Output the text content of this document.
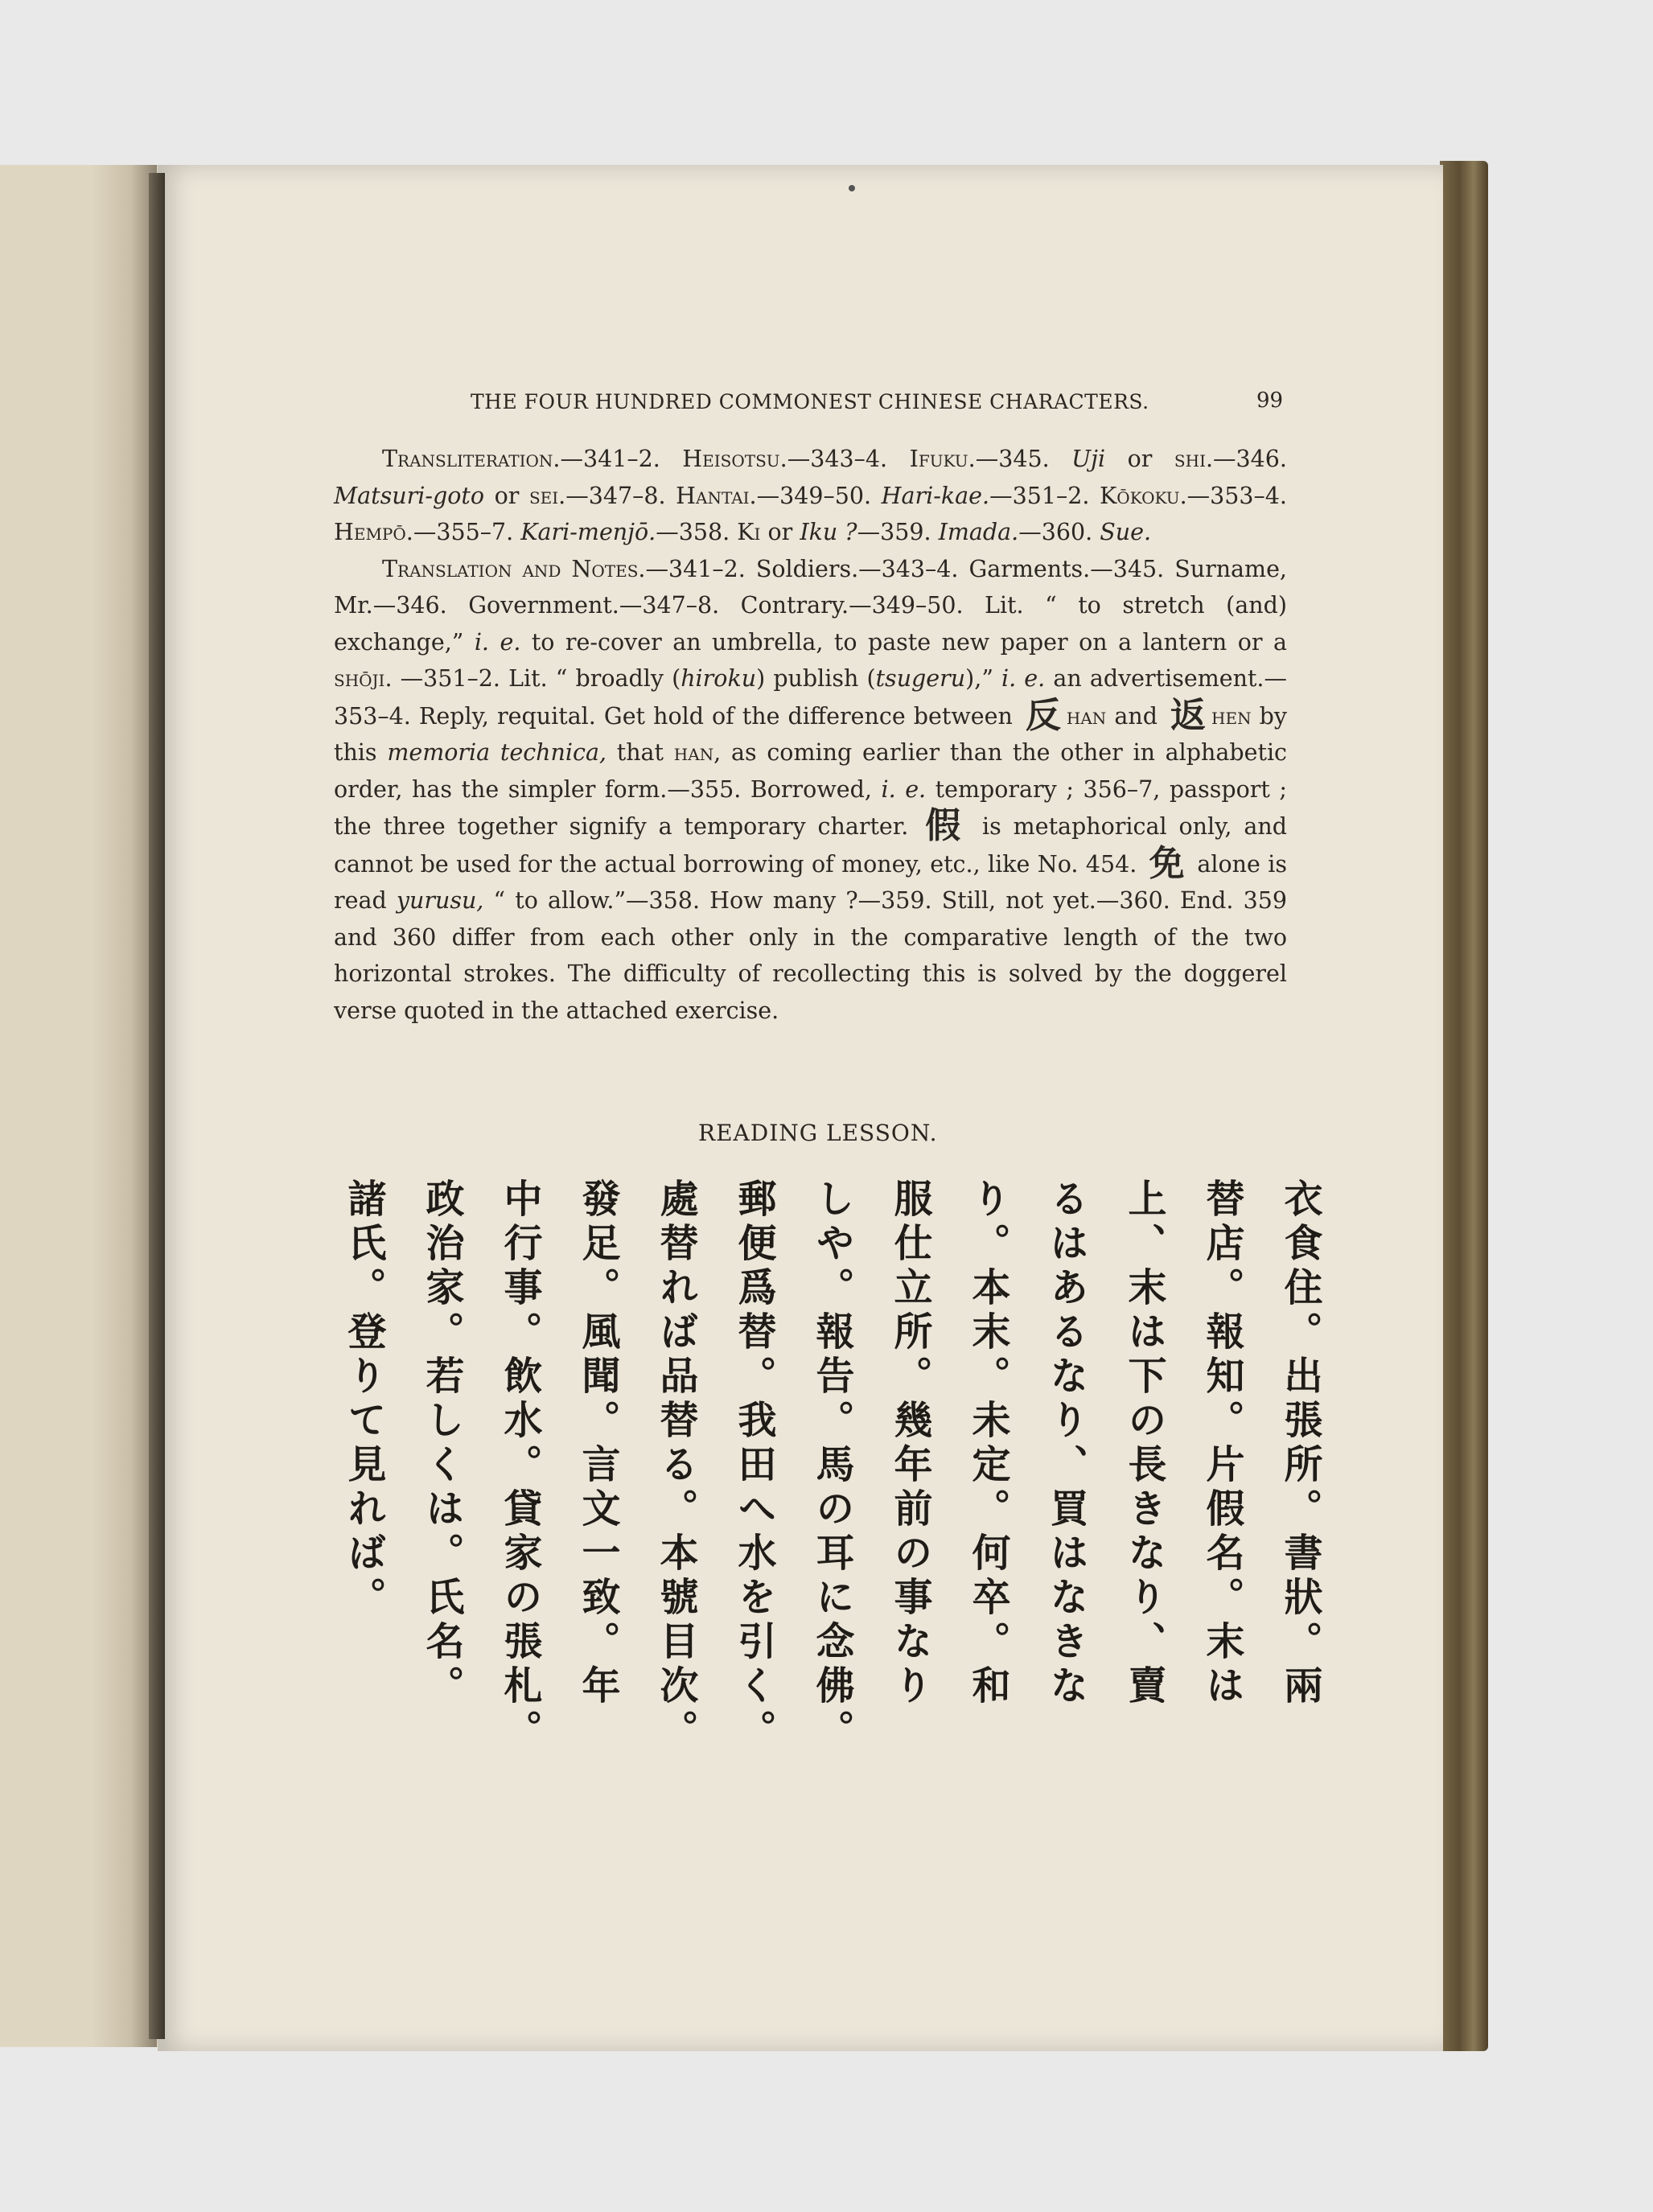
THE FOUR HUNDRED COMMONEST CHINESE CHARACTERS.	99

Transliteration.—341–2. Heisotsu.—343–4. Ifuku.—345. Uji or shi.—346. Matsuri-goto or sei.—347–8. Hantai.—349–50. Hari-kae.—351–2. Kōkoku.—353–4. Hempō.—355–7. Kari-menjō.—358. Ki or Iku ?—359. Imada.—360. Sue.

Translation and Notes.—341–2. Soldiers.—343–4. Garments.—345. Surname, Mr.—346. Government.—347–8. Contrary.—349–50. Lit. “ to stretch (and) exchange,” i. e. to re-cover an umbrella, to paste new paper on a lantern or a shōji. —351–2. Lit. “ broadly (hiroku) publish (tsugeru),” i. e. an advertisement.—353–4. Reply, requital. Get hold of the difference between 反 han and 返 hen by this memoria technica, that han, as coming earlier than the other in alphabetic order, has the simpler form.—355. Borrowed, i. e. temporary ; 356–7, passport ; the three together signify a temporary charter. 假 is metaphorical only, and cannot be used for the actual borrowing of money, etc., like No. 454. 免 alone is read yurusu, “ to allow.”—358. How many ?—359. Still, not yet.—360. End. 359 and 360 differ from each other only in the comparative length of the two horizontal strokes. The difficulty of recollecting this is solved by the doggerel verse quoted in the attached exercise.

READING LESSON.
衣食住。出張所。書狀。兩
替店。報知。片假名。末は
上、末は下の長きなり、賣
るはあるなり、買はなきな
り。本末。未定。何卒。和
服仕立所。幾年前の事なり
しや。報告。馬の耳に念佛。
郵便爲替。我田へ水を引く。
處替れば品替る。本號目次。
發足。風聞。言文一致。年
中行事。飲水。貸家の張札。
政治家。若しくは。氏名。
諸氏。登りて見れば。
